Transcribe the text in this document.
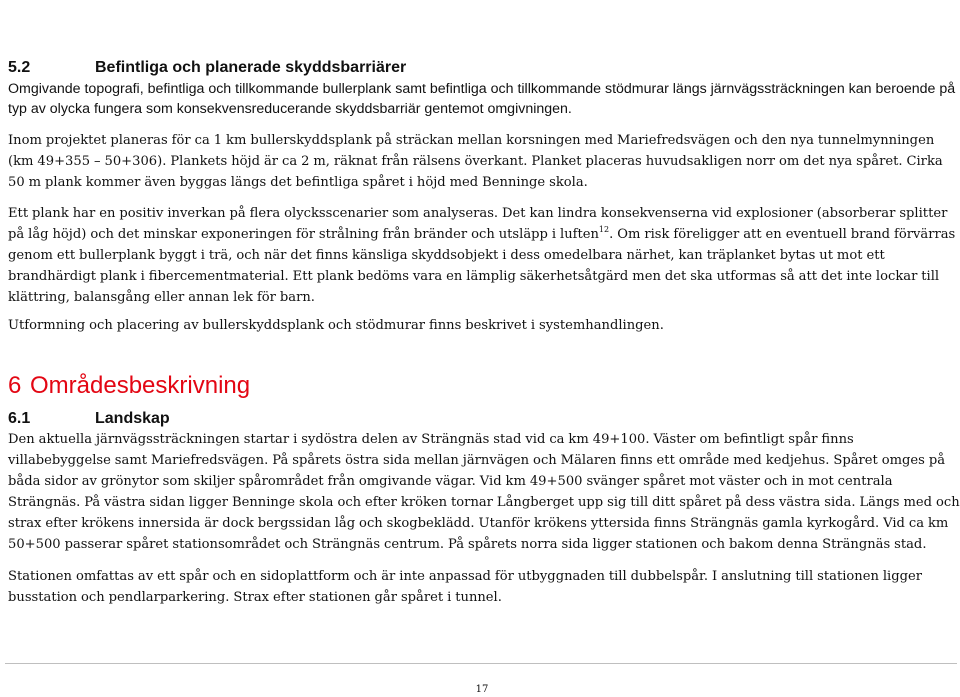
5.2	Befintliga och planerade skyddsbarriärer
Omgivande topografi, befintliga och tillkommande bullerplank samt befintliga och tillkommande stödmurar längs järnvägssträckningen kan beroende på typ av olycka fungera som konsekvensreducerande skyddsbarriär gentemot omgivningen.
Inom projektet planeras för ca 1 km bullerskyddsplank på sträckan mellan korsningen med Mariefredsvägen och den nya tunnelmynningen (km 49+355 – 50+306). Plankets höjd är ca 2 m, räknat från rälsens överkant. Planket placeras huvudsakligen norr om det nya spåret. Cirka 50 m plank kommer även byggas längs det befintliga spåret i höjd med Benninge skola.
Ett plank har en positiv inverkan på flera olycksscenarier som analyseras. Det kan lindra konsekvenserna vid explosioner (absorberar splitter på låg höjd) och det minskar exponeringen för strålning från bränder och utsläpp i luften$^{12}$. Om risk föreligger att en eventuell brand förvärras genom ett bullerplank byggt i trä, och när det finns känsliga skyddsobjekt i dess omedelbara närhet, kan träplanket bytas ut mot ett brandhärdigt plank i fibercementmaterial. Ett plank bedöms vara en lämplig säkerhetsåtgärd men det ska utformas så att det inte lockar till klättring, balansgång eller annan lek för barn.
Utformning och placering av bullerskyddsplank och stödmurar finns beskrivet i systemhandlingen.
6 Områdesbeskrivning
6.1	Landskap
Den aktuella järnvägssträckningen startar i sydöstra delen av Strängnäs stad vid ca km 49+100. Väster om befintligt spår finns villabebyggelse samt Mariefredsvägen. På spårets östra sida mellan järnvägen och Mälaren finns ett område med kedjehus. Spåret omges på båda sidor av grönytor som skiljer spårområdet från omgivande vägar. Vid km 49+500 svänger spåret mot väster och in mot centrala Strängnäs. På västra sidan ligger Benninge skola och efter kröken tornar Långberget upp sig till ditt spåret på dess västra sida. Längs med och strax efter krökens innersida är dock bergssidan låg och skogbeklädd. Utanför krökens yttersida finns Strängnäs gamla kyrkogård. Vid ca km 50+500 passerar spåret stationsområdet och Strängnäs centrum. På spårets norra sida ligger stationen och bakom denna Strängnäs stad.
Stationen omfattas av ett spår och en sidoplattform och är inte anpassad för utbyggnaden till dubbelspår. I anslutning till stationen ligger busstation och pendlarparkering. Strax efter stationen går spåret i tunnel.
17
